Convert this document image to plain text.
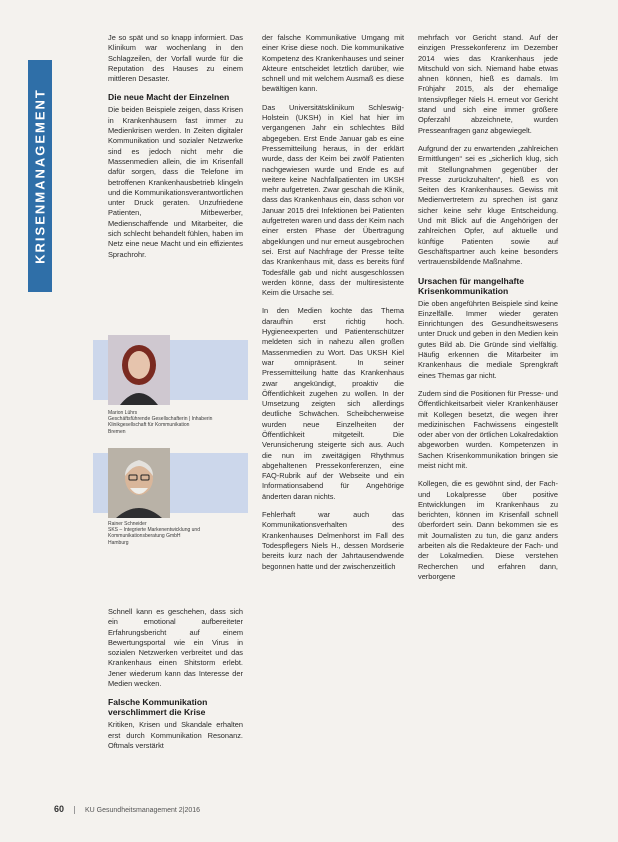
KRISENMANAGEMENT

Je so spät und so knapp informiert. Das Klinikum war wochenlang in den Schlagzeilen, der Vorfall wurde für die Reputation des Hauses zu einem mittleren Desaster.

Die neue Macht der Einzelnen

Die beiden Beispiele zeigen, dass Krisen in Krankenhäusern fast immer zu Medienkrisen werden. In Zeiten digitaler Kommunikation und sozialer Netzwerke sind es jedoch nicht mehr die Massenmedien allein, die im Krisenfall dafür sorgen, dass die Telefone im betroffenen Krankenhausbetrieb klingeln und die Kommunikationsverantwortlichen unter Druck geraten. Unzufriedene Patienten, Mitbewerber, Medienschaffende und Mitarbeiter, die sich schlecht behandelt fühlen, haben im Netz eine neue Macht und ein effizientes Sprachrohr.

Marion Lührs
Geschäftsführende Gesellschafterin | Inhaberin Klinikgesellschaft für Kommunikation
Bremen
Rainer Schneider
SKS – Integrierte Markenentwicklung und Kommunikationsberatung GmbH
Hamburg

Schnell kann es geschehen, dass sich ein emotional aufbereiteter Erfahrungsbericht auf einem Bewertungsportal wie ein Virus in sozialen Netzwerken verbreitet und das Krankenhaus einen Shitstorm erlebt. Jener wiederum kann das Interesse der Medien wecken.

Falsche Kommunikation verschlimmert die Krise

Kritiken, Krisen und Skandale erhalten erst durch Kommunikation Resonanz. Oftmals verstärkt

der falsche Kommunikative Umgang mit einer Krise diese noch. Die kommunikative Kompetenz des Krankenhauses und seiner Akteure entscheidet letztlich darüber, wie schnell und mit welchem Ausmaß es diese bewältigen kann.

Das Universitätsklinikum Schleswig-Holstein (UKSH) in Kiel hat hier im vergangenen Jahr ein schlechtes Bild abgegeben. Erst Ende Januar gab es eine Pressemitteilung heraus, in der erklärt wurde, dass der Keim bei zwölf Patienten nachgewiesen wurde und Ende es auf weitere keine Nachfallpatienten im UKSH mehr aufgetreten. Zwar geschah die Klinik, dass das Krankenhaus ein, dass schon vor Januar 2015 drei Infektionen bei Patienten aufgetreten waren und dass der Keim nach einer ersten Phase der Übertragung abgeklungen und nur erneut ausgebrochen sei. Erst auf Nachfrage der Presse teilte das Krankenhaus mit, dass es bereits fünf Todesfälle gab und nicht ausgeschlossen werden könne, dass der multiresistente Keim die Ursache sei.

In den Medien kochte das Thema daraufhin erst richtig hoch. Hygieneexperten und Patientenschützer meldeten sich in nahezu allen großen Massenmedien zu Wort. Das UKSH Kiel war omnipräsent. In seiner Pressemitteilung hatte das Krankenhaus zwar angekündigt, proaktiv die Öffentlichkeit zugehen zu wollen. In der Umsetzung zeigten sich allerdings deutliche Schwächen. Scheibchenweise wurden neue Einzelheiten der Öffentlichkeit mitgeteilt. Die Verunsicherung steigerte sich aus. Auch die nun im zweitägigen Rhythmus abgehaltenen Pressekonferenzen, eine FAQ-Rubrik auf der Webseite und ein Informationsabend für Angehörige änderten daran nichts.

Fehlerhaft war auch das Kommunikationsverhalten des Krankenhauses Delmenhorst im Fall des Todespflegers Niels H., dessen Mordserie bereits kurz nach der Jahrtausendwende begonnen hatte und der zwischenzeitlich

mehrfach vor Gericht stand. Auf der einzigen Pressekonferenz im Dezember 2014 wies das Krankenhaus jede Mitschuld von sich. Niemand habe etwas ahnen können, hieß es damals. Im Frühjahr 2015, als der ehemalige Intensivpfleger Niels H. erneut vor Gericht stand und sich eine immer größere Opferzahl abzeichnete, wurden Presseanfragen ganz abgewiegelt.

Aufgrund der zu erwartenden „zahlreichen Ermittlungen“ sei es „sicherlich klug, sich mit Stellungnahmen gegenüber der Presse zurückzuhalten“, hieß es von Seiten des Krankenhauses. Gewiss mit Medienvertretern zu sprechen ist ganz sicher keine sehr kluge Entscheidung. Und mit Blick auf die Angehörigen der zahlreichen Opfer, auf aktuelle und künftige Patienten sowie auf Geschäftspartner auch keine besonders vertrauensbildende Maßnahme.

Ursachen für mangelhafte Krisenkommunikation

Die oben angeführten Beispiele sind keine Einzelfälle. Immer wieder geraten Einrichtungen des Gesundheitswesens unter Druck und geben in den Medien kein gutes Bild ab. Die Gründe sind vielfältig. Häufig erkennen die Mitarbeiter im Krankenhaus die mediale Sprengkraft eines Themas gar nicht.

Zudem sind die Positionen für Presse- und Öffentlichkeitsarbeit vieler Krankenhäuser mit Kollegen besetzt, die wegen ihrer medizinischen Fachwissens eingestellt oder aber von der örtlichen Lokalredaktion abgeworben wurden. Kompetenzen in Sachen Krisenkommunikation bringen sie meist nicht mit.

Kollegen, die es gewöhnt sind, der Fach- und Lokalpresse über positive Entwicklungen im Krankenhaus zu berichten, können im Krisenfall schnell überfordert sein. Dann bekommen sie es mit Journalisten zu tun, die ganz anders arbeiten als die Redakteure der Fach- und der Lokalmedien. Diese verstehen Recherchen und erfahren dann, verborgene

60	KU Gesundheitsmanagement 2|2016
